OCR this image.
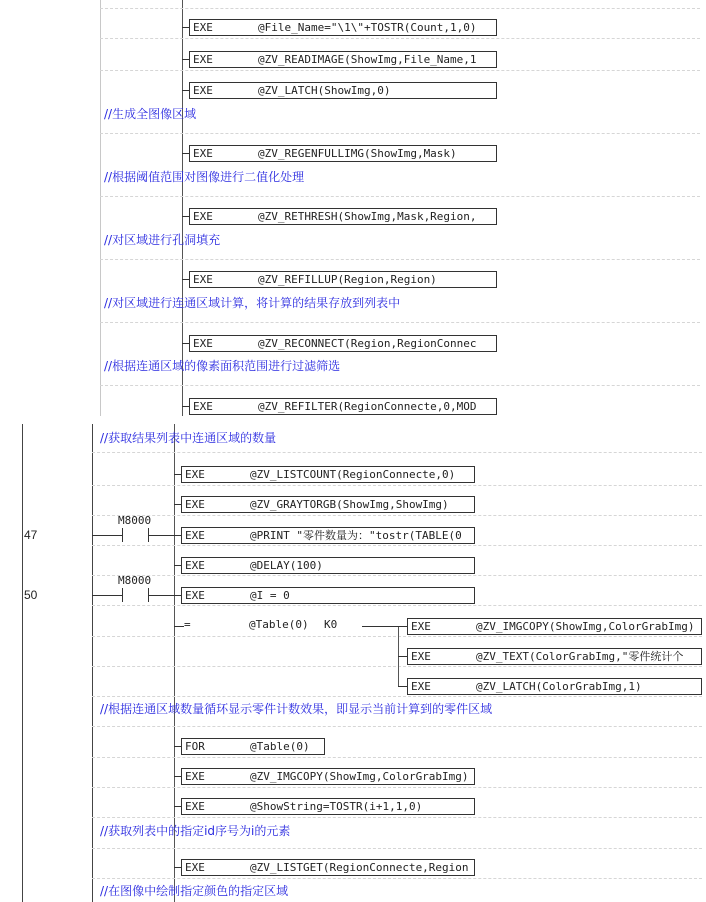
EXE	@File_Name="\1\"+TOSTR(Count,1,0)
EXE	@ZV_READIMAGE(ShowImg,File_Name,1
EXE	@ZV_LATCH(ShowImg,0)
//生成全图像区域
EXE	@ZV_REGENFULLIMG(ShowImg,Mask)
//根据阈值范围对图像进行二值化处理
EXE	@ZV_RETHRESH(ShowImg,Mask,Region,
//对区域进行孔洞填充
EXE	@ZV_REFILLUP(Region,Region)
//对区域进行连通区域计算，将计算的结果存放到列表中
EXE	@ZV_RECONNECT(Region,RegionConnec
//根据连通区域的像素面积范围进行过滤筛选
EXE	@ZV_REFILTER(RegionConnecte,0,MOD
//获取结果列表中连通区域的数量
EXE	@ZV_LISTCOUNT(RegionConnecte,0)
EXE	@ZV_GRAYTORGB(ShowImg,ShowImg)
47
M8000
EXE	@PRINT "零件数量为："tostr(TABLE(0
EXE	@DELAY(100)
50
M8000
EXE	@I = 0
=	@Table(0) K0	EXE	@ZV_IMGCOPY(ShowImg,ColorGrabImg)
EXE	@ZV_TEXT(ColorGrabImg,"零件统计个
EXE	@ZV_LATCH(ColorGrabImg,1)
//根据连通区域数量循环显示零件计数效果，即显示当前计算到的零件区域
FOR	@Table(0)
EXE	@ZV_IMGCOPY(ShowImg,ColorGrabImg)
EXE	@ShowString=TOSTR(i+1,1,0)
//获取列表中的指定id序号为i的元素
EXE	@ZV_LISTGET(RegionConnecte,Region
//在图像中绘制指定颜色的指定区域
